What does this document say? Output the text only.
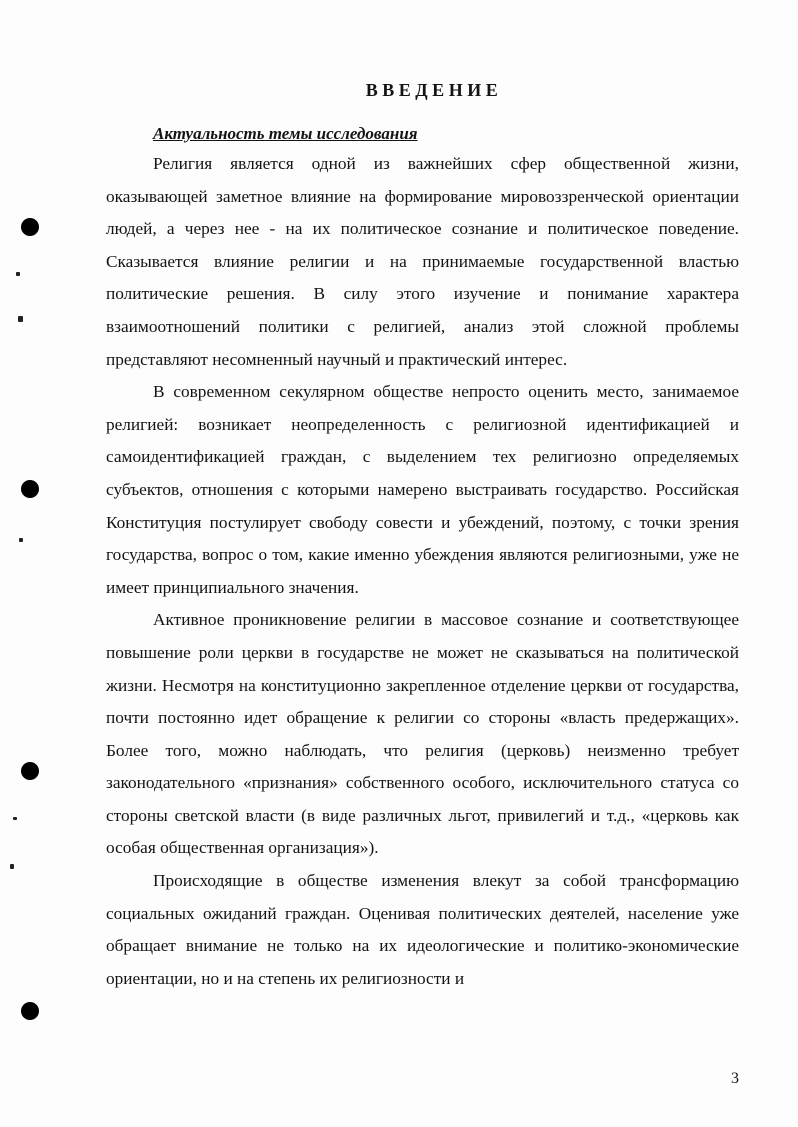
ВВЕДЕНИЕ

Актуальность темы исследования

Религия является одной из важнейших сфер общественной жизни, оказывающей заметное влияние на формирование мировоззренческой ориентации людей, а через нее - на их политическое сознание и политическое поведение. Сказывается влияние религии и на принимаемые государственной властью политические решения. В силу этого изучение и понимание характера взаимоотношений политики с религией, анализ этой сложной проблемы представляют несомненный научный и практический интерес.

В современном секулярном обществе непросто оценить место, занимаемое религией: возникает неопределенность с религиозной идентификацией и самоидентификацией граждан, с выделением тех религиозно определяемых субъектов, отношения с которыми намерено выстраивать государство. Российская Конституция постулирует свободу совести и убеждений, поэтому, с точки зрения государства, вопрос о том, какие именно убеждения являются религиозными, уже не имеет принципиального значения.

Активное проникновение религии в массовое сознание и соответствующее повышение роли церкви в государстве не может не сказываться на политической жизни. Несмотря на конституционно закрепленное отделение церкви от государства, почти постоянно идет обращение к религии со стороны «власть предержащих». Более того, можно наблюдать, что религия (церковь) неизменно требует законодательного «признания» собственного особого, исключительного статуса со стороны светской власти (в виде различных льгот, привилегий и т.д., «церковь как особая общественная организация»).

Происходящие в обществе изменения влекут за собой трансформацию социальных ожиданий граждан. Оценивая политических деятелей, население уже обращает внимание не только на их идеологические и политико-экономические ориентации, но и на степень их религиозности и

3
